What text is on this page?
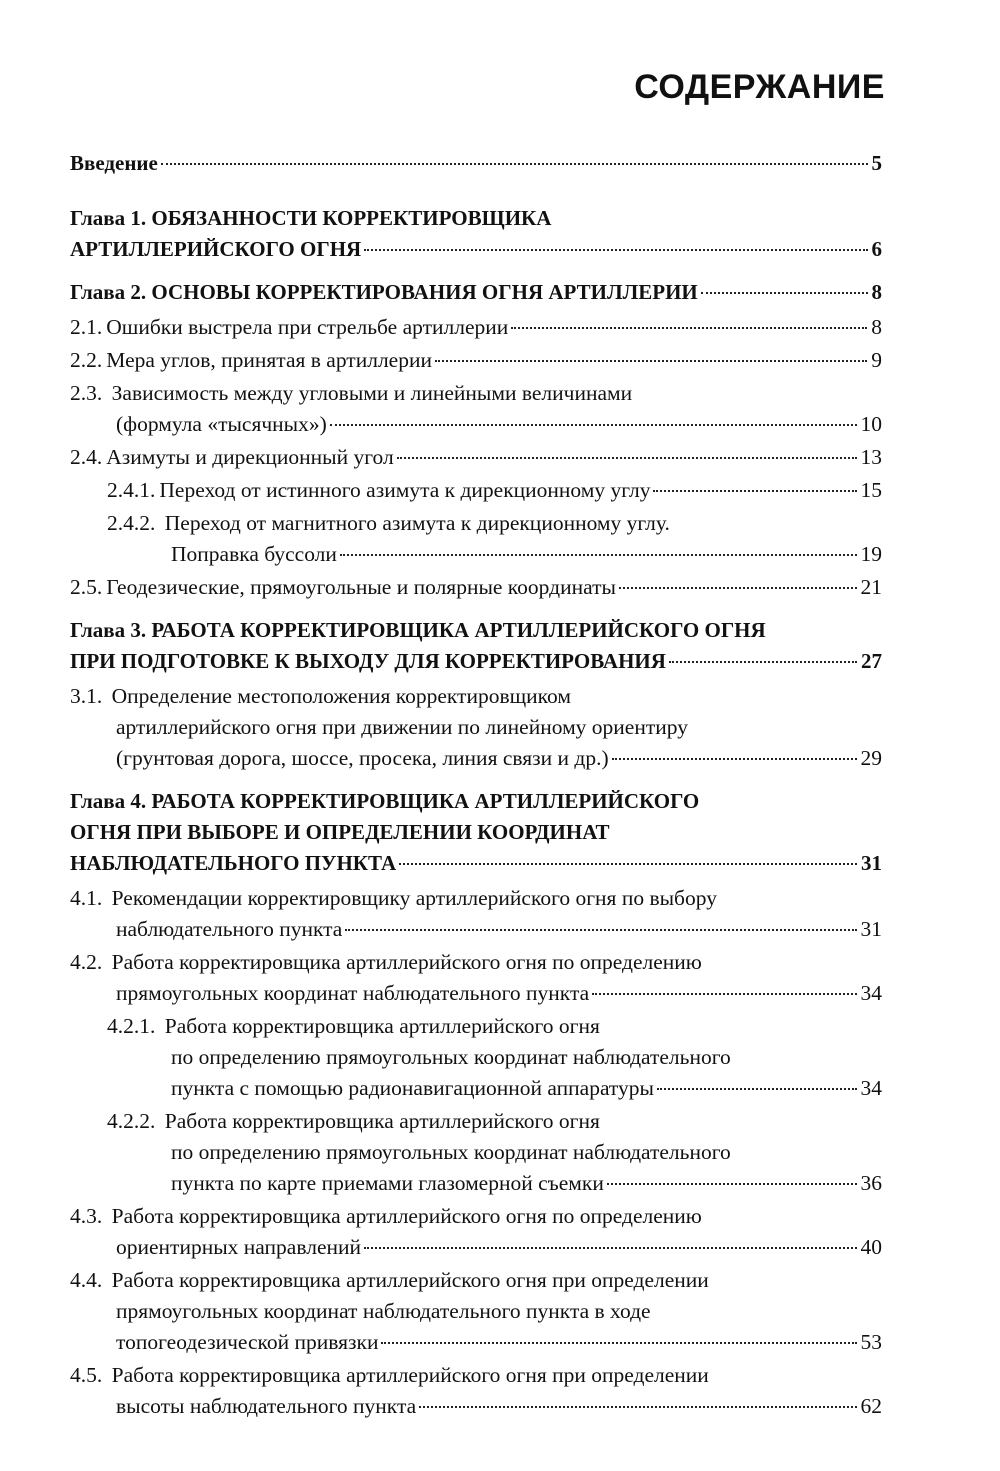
СОДЕРЖАНИЕ
Введение	5
Глава 1. ОБЯЗАННОСТИ КОРРЕКТИРОВЩИКА
АРТИЛЛЕРИЙСКОГО ОГНЯ	6
Глава 2. ОСНОВЫ КОРРЕКТИРОВАНИЯ ОГНЯ АРТИЛЛЕРИИ	8
2.1. Ошибки выстрела при стрельбе артиллерии	8
2.2. Мера углов, принятая в артиллерии	9
2.3. Зависимость между угловыми и линейными величинами
(формула «тысячных»)	10
2.4. Азимуты и дирекционный угол	13
2.4.1. Переход от истинного азимута к дирекционному углу	15
2.4.2. Переход от магнитного азимута к дирекционному углу.
Поправка буссоли	19
2.5. Геодезические, прямоугольные и полярные координаты	21
Глава 3. РАБОТА КОРРЕКТИРОВЩИКА АРТИЛЛЕРИЙСКОГО ОГНЯ
ПРИ ПОДГОТОВКЕ К ВЫХОДУ ДЛЯ КОРРЕКТИРОВАНИЯ	27
3.1. Определение местоположения корректировщиком
артиллерийского огня при движении по линейному ориентиру
(грунтовая дорога, шоссе, просека, линия связи и др.)	29
Глава 4. РАБОТА КОРРЕКТИРОВЩИКА АРТИЛЛЕРИЙСКОГО
ОГНЯ ПРИ ВЫБОРЕ И ОПРЕДЕЛЕНИИ КООРДИНАТ
НАБЛЮДАТЕЛЬНОГО ПУНКТА	31
4.1. Рекомендации корректировщику артиллерийского огня по выбору
наблюдательного пункта	31
4.2. Работа корректировщика артиллерийского огня по определению
прямоугольных координат наблюдательного пункта	34
4.2.1. Работа корректировщика артиллерийского огня
по определению прямоугольных координат наблюдательного
пункта с помощью радионавигационной аппаратуры	34
4.2.2. Работа корректировщика артиллерийского огня
по определению прямоугольных координат наблюдательного
пункта по карте приемами глазомерной съемки	36
4.3. Работа корректировщика артиллерийского огня по определению
ориентирных направлений	40
4.4. Работа корректировщика артиллерийского огня при определении
прямоугольных координат наблюдательного пункта в ходе
топогеодезической привязки	53
4.5. Работа корректировщика артиллерийского огня при определении
высоты наблюдательного пункта	62
